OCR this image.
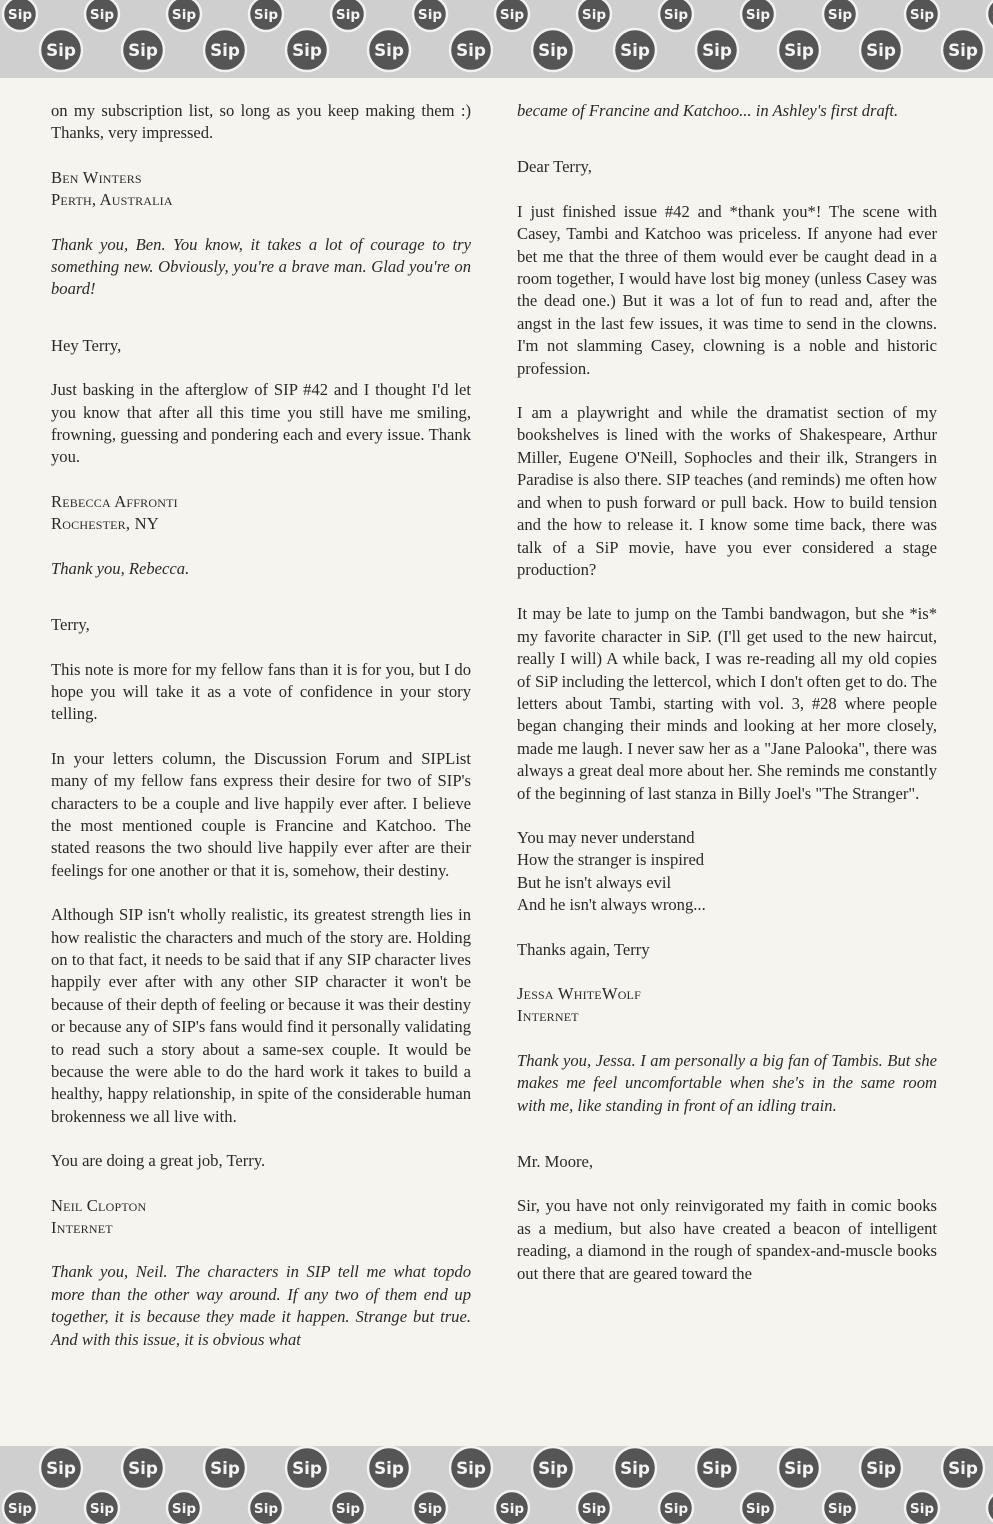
Sip
Sip
Sip
Sip
Sip
Sip
Sip
Sip
Sip
Sip
Sip
Sip
Sip
Sip
Sip
Sip
Sip
Sip
Sip
Sip
Sip
Sip
Sip
Sip

on my subscription list, so long as you keep making them :) Thanks, very impressed.

Ben Winters
Perth, Australia

Thank you, Ben. You know, it takes a lot of courage to try something new. Obviously, you're a brave man. Glad you're on board!

Hey Terry,

Just basking in the afterglow of SIP #42 and I thought I'd let you know that after all this time you still have me smiling, frowning, guessing and pondering each and every issue. Thank you.

Rebecca Affronti
Rochester, NY

Thank you, Rebecca.

Terry,

This note is more for my fellow fans than it is for you, but I do hope you will take it as a vote of confidence in your story telling.

In your letters column, the Discussion Forum and SIPList many of my fellow fans express their desire for two of SIP's characters to be a couple and live happily ever after. I believe the most mentioned couple is Francine and Katchoo. The stated reasons the two should live happily ever after are their feelings for one another or that it is, somehow, their destiny.

Although SIP isn't wholly realistic, its greatest strength lies in how realistic the characters and much of the story are. Holding on to that fact, it needs to be said that if any SIP character lives happily ever after with any other SIP character it won't be because of their depth of feeling or because it was their destiny or because any of SIP's fans would find it personally validating to read such a story about a same-sex couple. It would be because the were able to do the hard work it takes to build a healthy, happy relationship, in spite of the considerable human brokenness we all live with.

You are doing a great job, Terry.

Neil Clopton
Internet

Thank you, Neil. The characters in SIP tell me what topdo more than the other way around. If any two of them end up together, it is because they made it happen. Strange but true. And with this issue, it is obvious what

became of Francine and Katchoo... in Ashley's first draft.

Dear Terry,

I just finished issue #42 and *thank you*! The scene with Casey, Tambi and Katchoo was priceless. If anyone had ever bet me that the three of them would ever be caught dead in a room together, I would have lost big money (unless Casey was the dead one.) But it was a lot of fun to read and, after the angst in the last few issues, it was time to send in the clowns. I'm not slamming Casey, clowning is a noble and historic profession.

I am a playwright and while the dramatist section of my bookshelves is lined with the works of Shakespeare, Arthur Miller, Eugene O'Neill, Sophocles and their ilk, Strangers in Paradise is also there. SIP teaches (and reminds) me often how and when to push forward or pull back. How to build tension and the how to release it. I know some time back, there was talk of a SiP movie, have you ever considered a stage production?

It may be late to jump on the Tambi bandwagon, but she *is* my favorite character in SiP. (I'll get used to the new haircut, really I will) A while back, I was re-reading all my old copies of SiP including the lettercol, which I don't often get to do. The letters about Tambi, starting with vol. 3, #28 where people began changing their minds and looking at her more closely, made me laugh. I never saw her as a "Jane Palooka", there was always a great deal more about her. She reminds me constantly of the beginning of last stanza in Billy Joel's "The Stranger".

You may never understand

How the stranger is inspired

But he isn't always evil

And he isn't always wrong...

Thanks again, Terry

Jessa WhiteWolf
Internet

Thank you, Jessa. I am personally a big fan of Tambis. But she makes me feel uncomfortable when she's in the same room with me, like standing in front of an idling train.

Mr. Moore,

Sir, you have not only reinvigorated my faith in comic books as a medium, but also have created a beacon of intelligent reading, a diamond in the rough of spandex-and-muscle books out there that are geared toward the

Sip
Sip
Sip
Sip
Sip
Sip
Sip
Sip
Sip
Sip
Sip
Sip
Sip
Sip
Sip
Sip
Sip
Sip
Sip
Sip
Sip
Sip
Sip
Sip
